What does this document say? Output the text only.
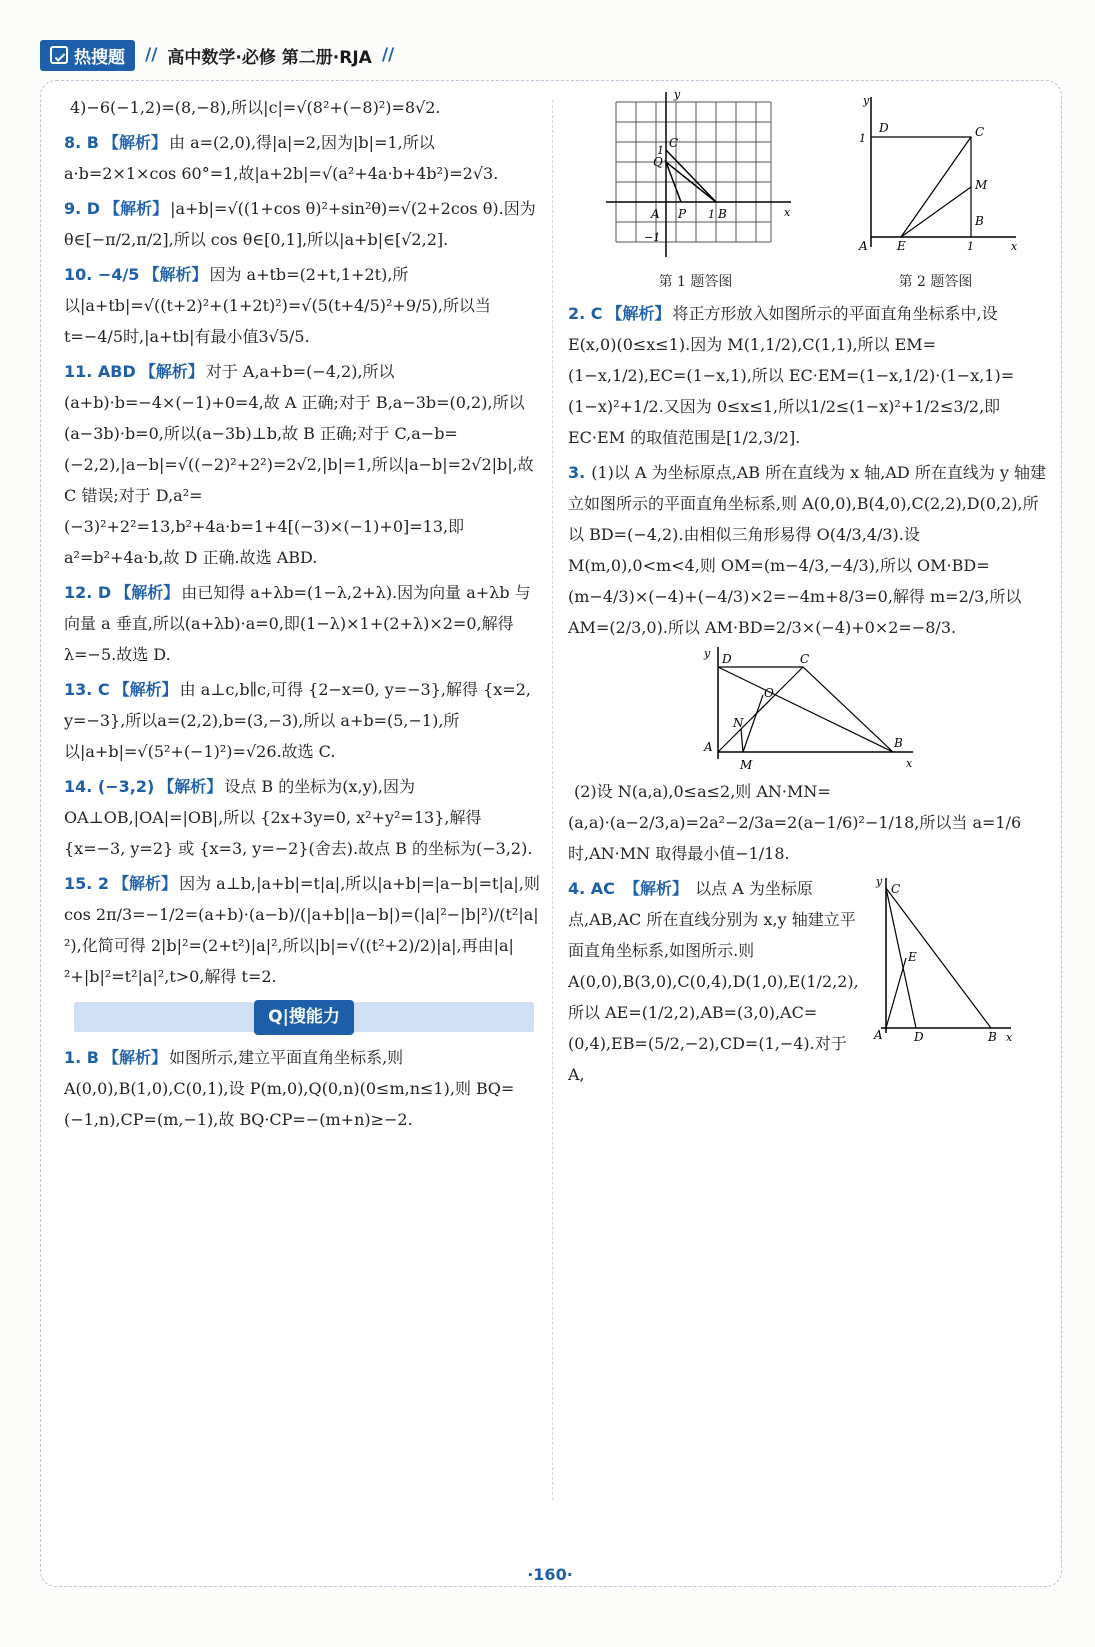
热搜题 // 高中数学·必修 第二册·RJA //
4)−6(−1,2)=(8,−8),所以|c|=√(8²+(−8)²)=8√2.
8. B 【解析】 由 a=(2,0),得|a|=2,因为|b|=1,所以 a·b=2×1×cos 60°=1,故|a+2b|=√(a²+4a·b+4b²)=2√3.
9. D 【解析】 |a+b|=√((1+cos θ)²+sin²θ)=√(2+2cos θ).因为θ∈[−π/2,π/2],所以 cos θ∈[0,1],所以|a+b|∈[√2,2].
10. −4/5 【解析】 因为 a+tb=(2+t,1+2t),所以|a+tb|=√((t+2)²+(1+2t)²)=√(5(t+4/5)²+9/5),所以当 t=−4/5时,|a+tb|有最小值3√5/5.
11. ABD 【解析】 对于 A,a+b=(−4,2),所以(a+b)·b=−4×(−1)+0=4,故 A 正确;对于 B,a−3b=(0,2),所以(a−3b)·b=0,所以(a−3b)⊥b,故 B 正确;对于 C,a−b=(−2,2),|a−b|=√((−2)²+2²)=2√2,|b|=1,所以|a−b|=2√2|b|,故 C 错误;对于 D,a²=(−3)²+2²=13,b²+4a·b=1+4[(−3)×(−1)+0]=13,即 a²=b²+4a·b,故 D 正确.故选 ABD.
12. D 【解析】 由已知得 a+λb=(1−λ,2+λ).因为向量 a+λb 与向量 a 垂直,所以(a+λb)·a=0,即(1−λ)×1+(2+λ)×2=0,解得 λ=−5.故选 D.
13. C 【解析】 由 a⊥c,b∥c,可得 {2−x=0, y=−3},解得 {x=2, y=−3},所以a=(2,2),b=(3,−3),所以 a+b=(5,−1),所以|a+b|=√(5²+(−1)²)=√26.故选 C.
14. (−3,2) 【解析】 设点 B 的坐标为(x,y),因为 OA⊥OB,|OA|=|OB|,所以 {2x+3y=0, x²+y²=13},解得 {x=−3, y=2} 或 {x=3, y=−2}(舍去).故点 B 的坐标为(−3,2).
15. 2 【解析】 因为 a⊥b,|a+b|=t|a|,所以|a+b|=|a−b|=t|a|,则 cos 2π/3=−1/2=(a+b)·(a−b)/(|a+b||a−b|)=(|a|²−|b|²)/(t²|a|²),化简可得 2|b|²=(2+t²)|a|²,所以|b|=√((t²+2)/2)|a|,再由|a|²+|b|²=t²|a|²,t>0,解得 t=2.
Q|搜能力
1. B 【解析】 如图所示,建立平面直角坐标系,则 A(0,0),B(1,0),C(0,1),设 P(m,0),Q(0,n)(0≤m,n≤1),则 BQ=(−1,n),CP=(m,−1),故 BQ·CP=−(m+n)≥−2.
y
x
C
Q
1
A P 1 B
−1
第 1 题答图
y
x
D	C
M
B
1
A E	1
第 2 题答图
2. C 【解析】 将正方形放入如图所示的平面直角坐标系中,设 E(x,0)(0≤x≤1).因为 M(1,1/2),C(1,1),所以 EM=(1−x,1/2),EC=(1−x,1),所以 EC·EM=(1−x,1/2)·(1−x,1)=(1−x)²+1/2.又因为 0≤x≤1,所以1/2≤(1−x)²+1/2≤3/2,即 EC·EM 的取值范围是[1/2,3/2].
3. (1)以 A 为坐标原点,AB 所在直线为 x 轴,AD 所在直线为 y 轴建立如图所示的平面直角坐标系,则 A(0,0),B(4,0),C(2,2),D(0,2),所以 BD=(−4,2).由相似三角形易得 O(4/3,4/3).设 M(m,0),0<m<4,则 OM=(m−4/3,−4/3),所以 OM·BD=(m−4/3)×(−4)+(−4/3)×2=−4m+8/3=0,解得 m=2/3,所以 AM=(2/3,0).所以 AM·BD=2/3×(−4)+0×2=−8/3.
y
x
D	C
O
N
A
M
B
(2)设 N(a,a),0≤a≤2,则 AN·MN=(a,a)·(a−2/3,a)=2a²−2/3a=2(a−1/6)²−1/18,所以当 a=1/6时,AN·MN 取得最小值−1/18.
4. AC 【解析】 以点 A 为坐标原点,AB,AC 所在直线分别为 x,y 轴建立平面直角坐标系,如图所示.则 A(0,0),B(3,0),C(0,4),D(1,0),E(1/2,2),所以 AE=(1/2,2),AB=(3,0),AC=(0,4),EB=(5/2,−2),CD=(1,−4).对于 A,
y
x
C
E
A	D	B
·160·
